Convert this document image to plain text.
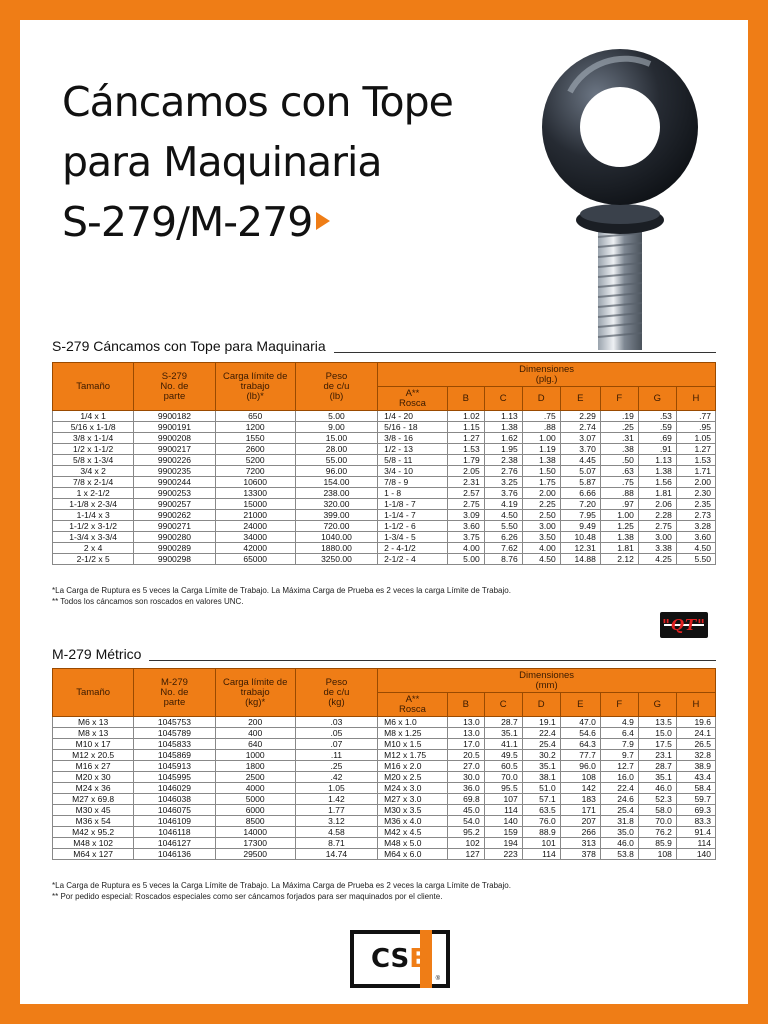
Cáncamos con Tope
para Maquinaria
S-279/M-279
S-279 Cáncamos con Tope para Maquinaria
Tamaño	S-279
No. de
parte	Carga límite de
trabajo
(lb)*	Peso
de c/u
(lb)	Dimensiones
(plg.)							
				A**
Rosca	B	C	D	E	F	G	H
1/4 x 1	9900182	650	5.00	1/4 - 20	1.02	1.13	.75	2.29	.19	.53	.77
5/16 x 1-1/8	9900191	1200	9.00	5/16 - 18	1.15	1.38	.88	2.74	.25	.59	.95
3/8 x 1-1/4	9900208	1550	15.00	3/8 - 16	1.27	1.62	1.00	3.07	.31	.69	1.05
1/2 x 1-1/2	9900217	2600	28.00	1/2 - 13	1.53	1.95	1.19	3.70	.38	.91	1.27
5/8 x 1-3/4	9900226	5200	55.00	5/8 - 11	1.79	2.38	1.38	4.45	.50	1.13	1.53
3/4 x 2	9900235	7200	96.00	3/4 - 10	2.05	2.76	1.50	5.07	.63	1.38	1.71
7/8 x 2-1/4	9900244	10600	154.00	7/8 - 9	2.31	3.25	1.75	5.87	.75	1.56	2.00
1 x 2-1/2	9900253	13300	238.00	1 - 8	2.57	3.76	2.00	6.66	.88	1.81	2.30
1-1/8 x 2-3/4	9900257	15000	320.00	1-1/8 - 7	2.75	4.19	2.25	7.20	.97	2.06	2.35
1-1/4 x 3	9900262	21000	399.00	1-1/4 - 7	3.09	4.50	2.50	7.95	1.00	2.28	2.73
1-1/2 x 3-1/2	9900271	24000	720.00	1-1/2 - 6	3.60	5.50	3.00	9.49	1.25	2.75	3.28
1-3/4 x 3-3/4	9900280	34000	1040.00	1-3/4 - 5	3.75	6.26	3.50	10.48	1.38	3.00	3.60
2 x 4	9900289	42000	1880.00	2 - 4-1/2	4.00	7.62	4.00	12.31	1.81	3.38	4.50
2-1/2 x 5	9900298	65000	3250.00	2-1/2 - 4	5.00	8.76	4.50	14.88	2.12	4.25	5.50
*La Carga de Ruptura es 5 veces la Carga Límite de Trabajo. La Máxima Carga de Prueba es 2 veces la carga Límite de Trabajo.
** Todos los cáncamos son roscados en valores UNC.
"QT"
M-279 Métrico
Tamaño	M-279
No. de
parte	Carga límite de
trabajo
(kg)*	Peso
de c/u
(kg)	Dimensiones
(mm)							
				A**
Rosca	B	C	D	E	F	G	H
M6 x 13	1045753	200	.03	M6 x 1.0	13.0	28.7	19.1	47.0	4.9	13.5	19.6
M8 x 13	1045789	400	.05	M8 x 1.25	13.0	35.1	22.4	54.6	6.4	15.0	24.1
M10 x 17	1045833	640	.07	M10 x 1.5	17.0	41.1	25.4	64.3	7.9	17.5	26.5
M12 x 20.5	1045869	1000	.11	M12 x 1.75	20.5	49.5	30.2	77.7	9.7	23.1	32.8
M16 x 27	1045913	1800	.25	M16 x 2.0	27.0	60.5	35.1	96.0	12.7	28.7	38.9
M20 x 30	1045995	2500	.42	M20 x 2.5	30.0	70.0	38.1	108	16.0	35.1	43.4
M24 x 36	1046029	4000	1.05	M24 x 3.0	36.0	95.5	51.0	142	22.4	46.0	58.4
M27 x 69.8	1046038	5000	1.42	M27 x 3.0	69.8	107	57.1	183	24.6	52.3	59.7
M30 x 45	1046075	6000	1.77	M30 x 3.5	45.0	114	63.5	171	25.4	58.0	69.3
M36 x 54	1046109	8500	3.12	M36 x 4.0	54.0	140	76.0	207	31.8	70.0	83.3
M42 x 95.2	1046118	14000	4.58	M42 x 4.5	95.2	159	88.9	266	35.0	76.2	91.4
M48 x 102	1046127	17300	8.71	M48 x 5.0	102	194	101	313	46.0	85.9	114
M64 x 127	1046136	29500	14.74	M64 x 6.0	127	223	114	378	53.8	108	140
*La Carga de Ruptura es 5 veces la Carga Límite de Trabajo. La Máxima Carga de Prueba es 2 veces la carga Límite de Trabajo.
** Por pedido especial: Roscados especiales como ser cáncamos forjados para ser maquinados por el cliente.
CSB
®
